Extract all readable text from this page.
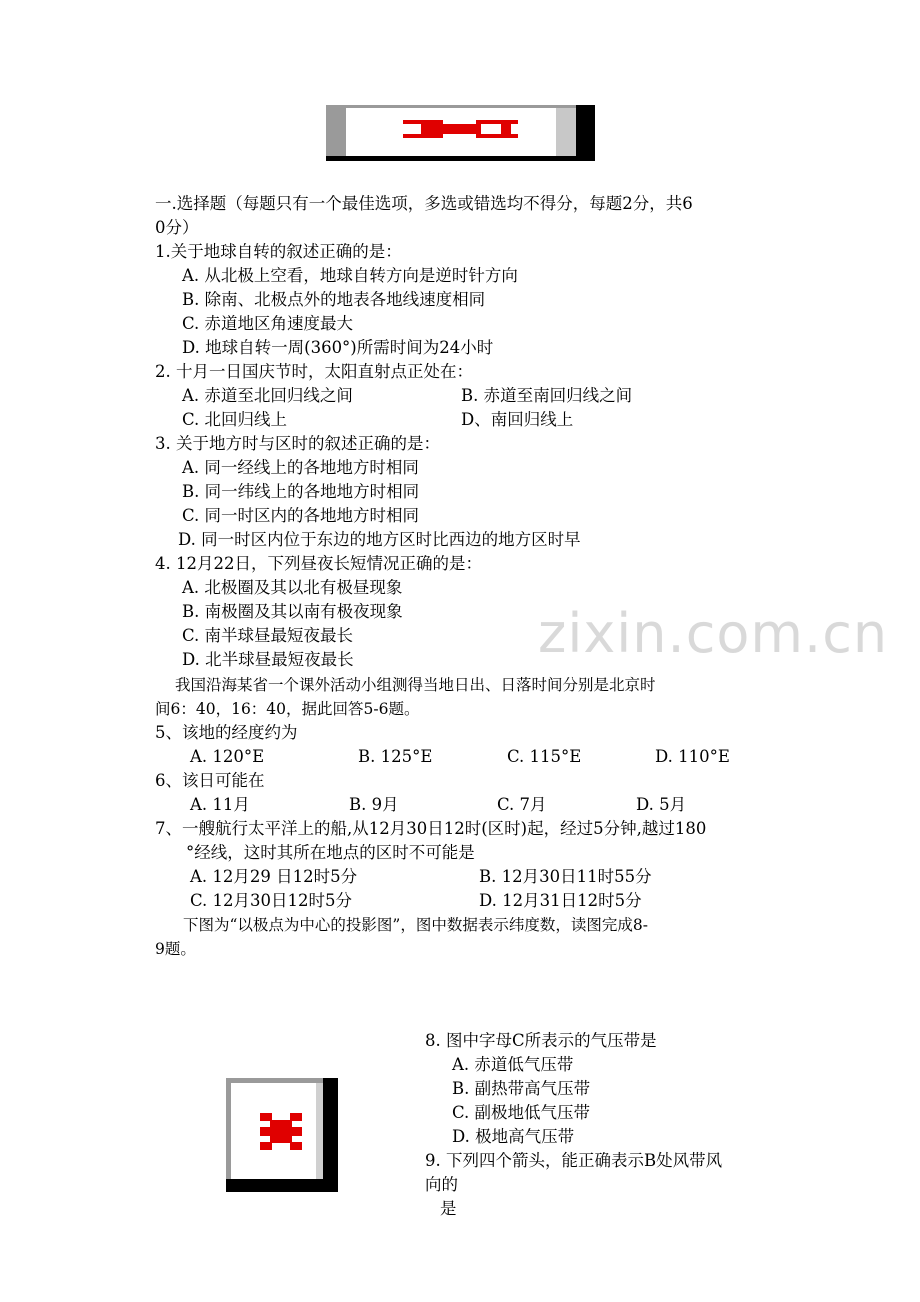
一.选择题（每题只有一个最佳选项，多选或错选均不得分，每题2分，共6
0分）
1.关于地球自转的叙述正确的是：
A. 从北极上空看，地球自转方向是逆时针方向
B. 除南、北极点外的地表各地线速度相同
C. 赤道地区角速度最大
D. 地球自转一周(360°)所需时间为24小时
2. 十月一日国庆节时，太阳直射点正处在：
A. 赤道至北回归线之间	B. 赤道至南回归线之间
C. 北回归线上	D、南回归线上
3. 关于地方时与区时的叙述正确的是：
A. 同一经线上的各地地方时相同
B. 同一纬线上的各地地方时相同
C. 同一时区内的各地地方时相同
D. 同一时区内位于东边的地方区时比西边的地方区时早
4. 12月22日，下列昼夜长短情况正确的是：
A. 北极圈及其以北有极昼现象
B. 南极圈及其以南有极夜现象
C. 南半球昼最短夜最长
D. 北半球昼最短夜最长	zixin.com.cn
我国沿海某省一个课外活动小组测得当地日出、日落时间分别是北京时
间6：40，16：40，据此回答5-6题。
5、该地的经度约为
A. 120°E	B. 125°E	C. 115°E	D. 110°E
6、该日可能在
A. 11月	B. 9月	C. 7月	D. 5月
7、一艘航行太平洋上的船,从12月30日12时(区时)起，经过5分钟,越过180
°经线，这时其所在地点的区时不可能是
A. 12月29 日12时5分	B. 12月30日11时55分
C. 12月30日12时5分	D. 12月31日12时5分
下图为“以极点为中心的投影图”，图中数据表示纬度数，读图完成8-
9题。
8. 图中字母C所表示的气压带是
A. 赤道低气压带
B. 副热带高气压带
C. 副极地低气压带
D. 极地高气压带
9. 下列四个箭头，能正确表示B处风带风
向的
是
